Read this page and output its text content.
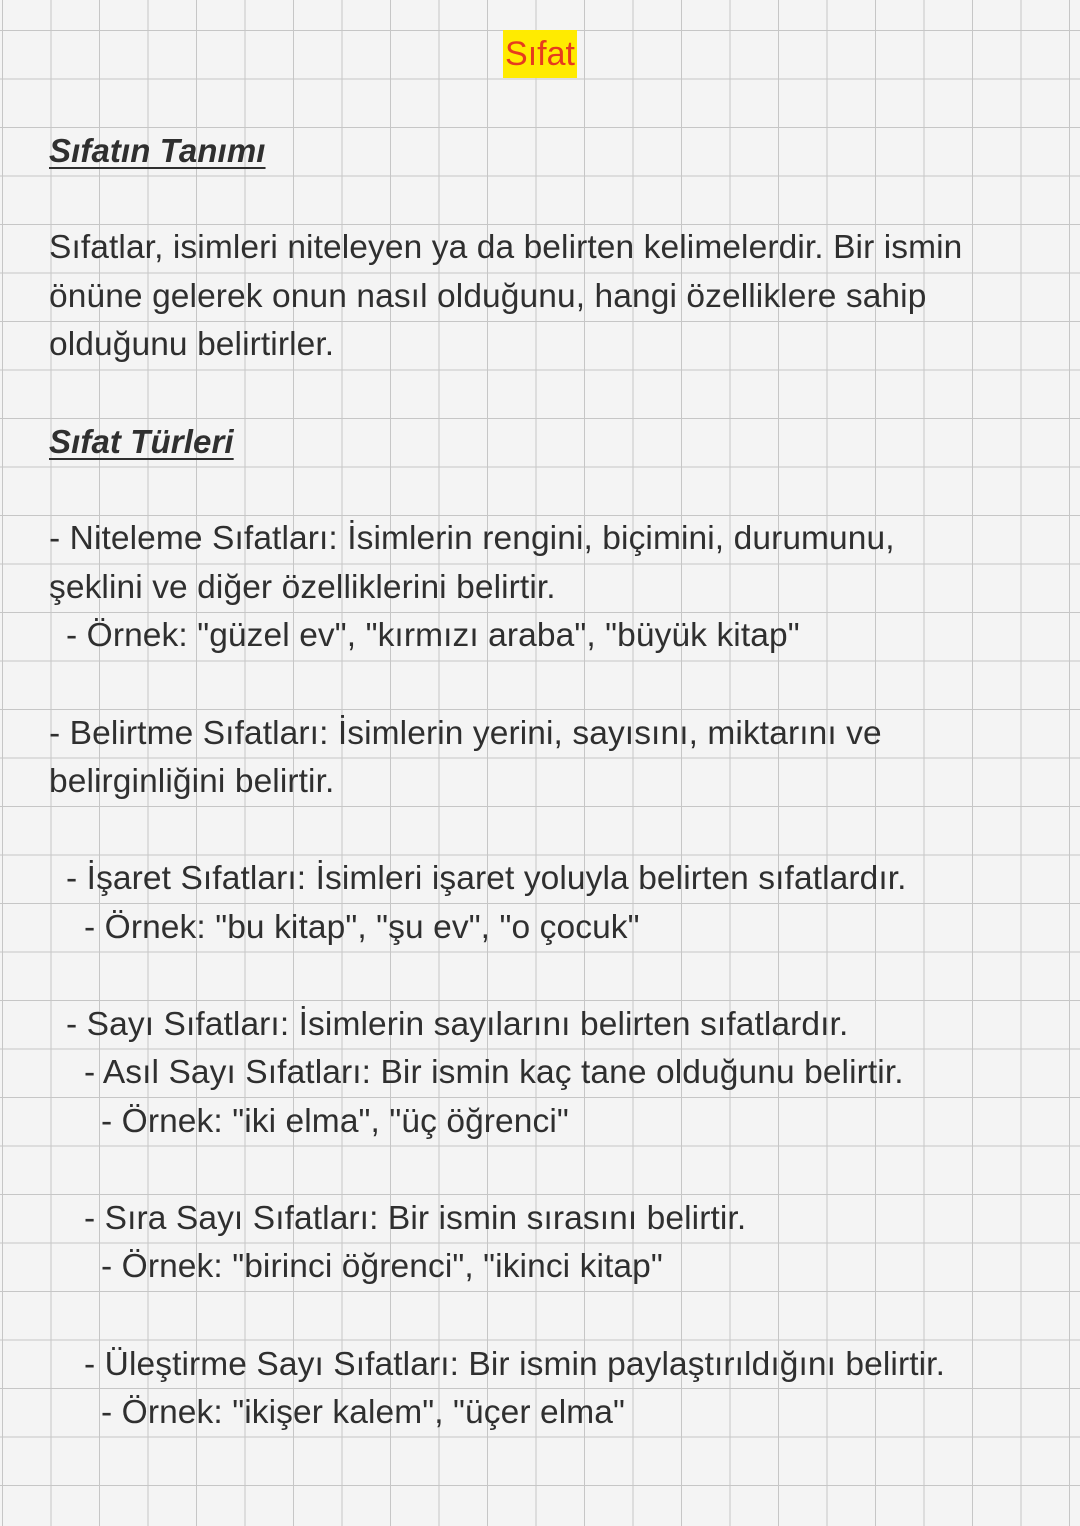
Sıfat
Sıfatın Tanımı
Sıfatlar, isimleri niteleyen ya da belirten kelimelerdir. Bir ismin
önüne gelerek onun nasıl olduğunu, hangi özelliklere sahip
olduğunu belirtirler.
Sıfat Türleri
- Niteleme Sıfatları: İsimlerin rengini, biçimini, durumunu,
şeklini ve diğer özelliklerini belirtir.
- Örnek: "güzel ev", "kırmızı araba", "büyük kitap"
- Belirtme Sıfatları: İsimlerin yerini, sayısını, miktarını ve
belirginliğini belirtir.
- İşaret Sıfatları: İsimleri işaret yoluyla belirten sıfatlardır.
- Örnek: "bu kitap", "şu ev", "o çocuk"
- Sayı Sıfatları: İsimlerin sayılarını belirten sıfatlardır.
- Asıl Sayı Sıfatları: Bir ismin kaç tane olduğunu belirtir.
- Örnek: "iki elma", "üç öğrenci"
- Sıra Sayı Sıfatları: Bir ismin sırasını belirtir.
- Örnek: "birinci öğrenci", "ikinci kitap"
- Üleştirme Sayı Sıfatları: Bir ismin paylaştırıldığını belirtir.
- Örnek: "ikişer kalem", "üçer elma"
